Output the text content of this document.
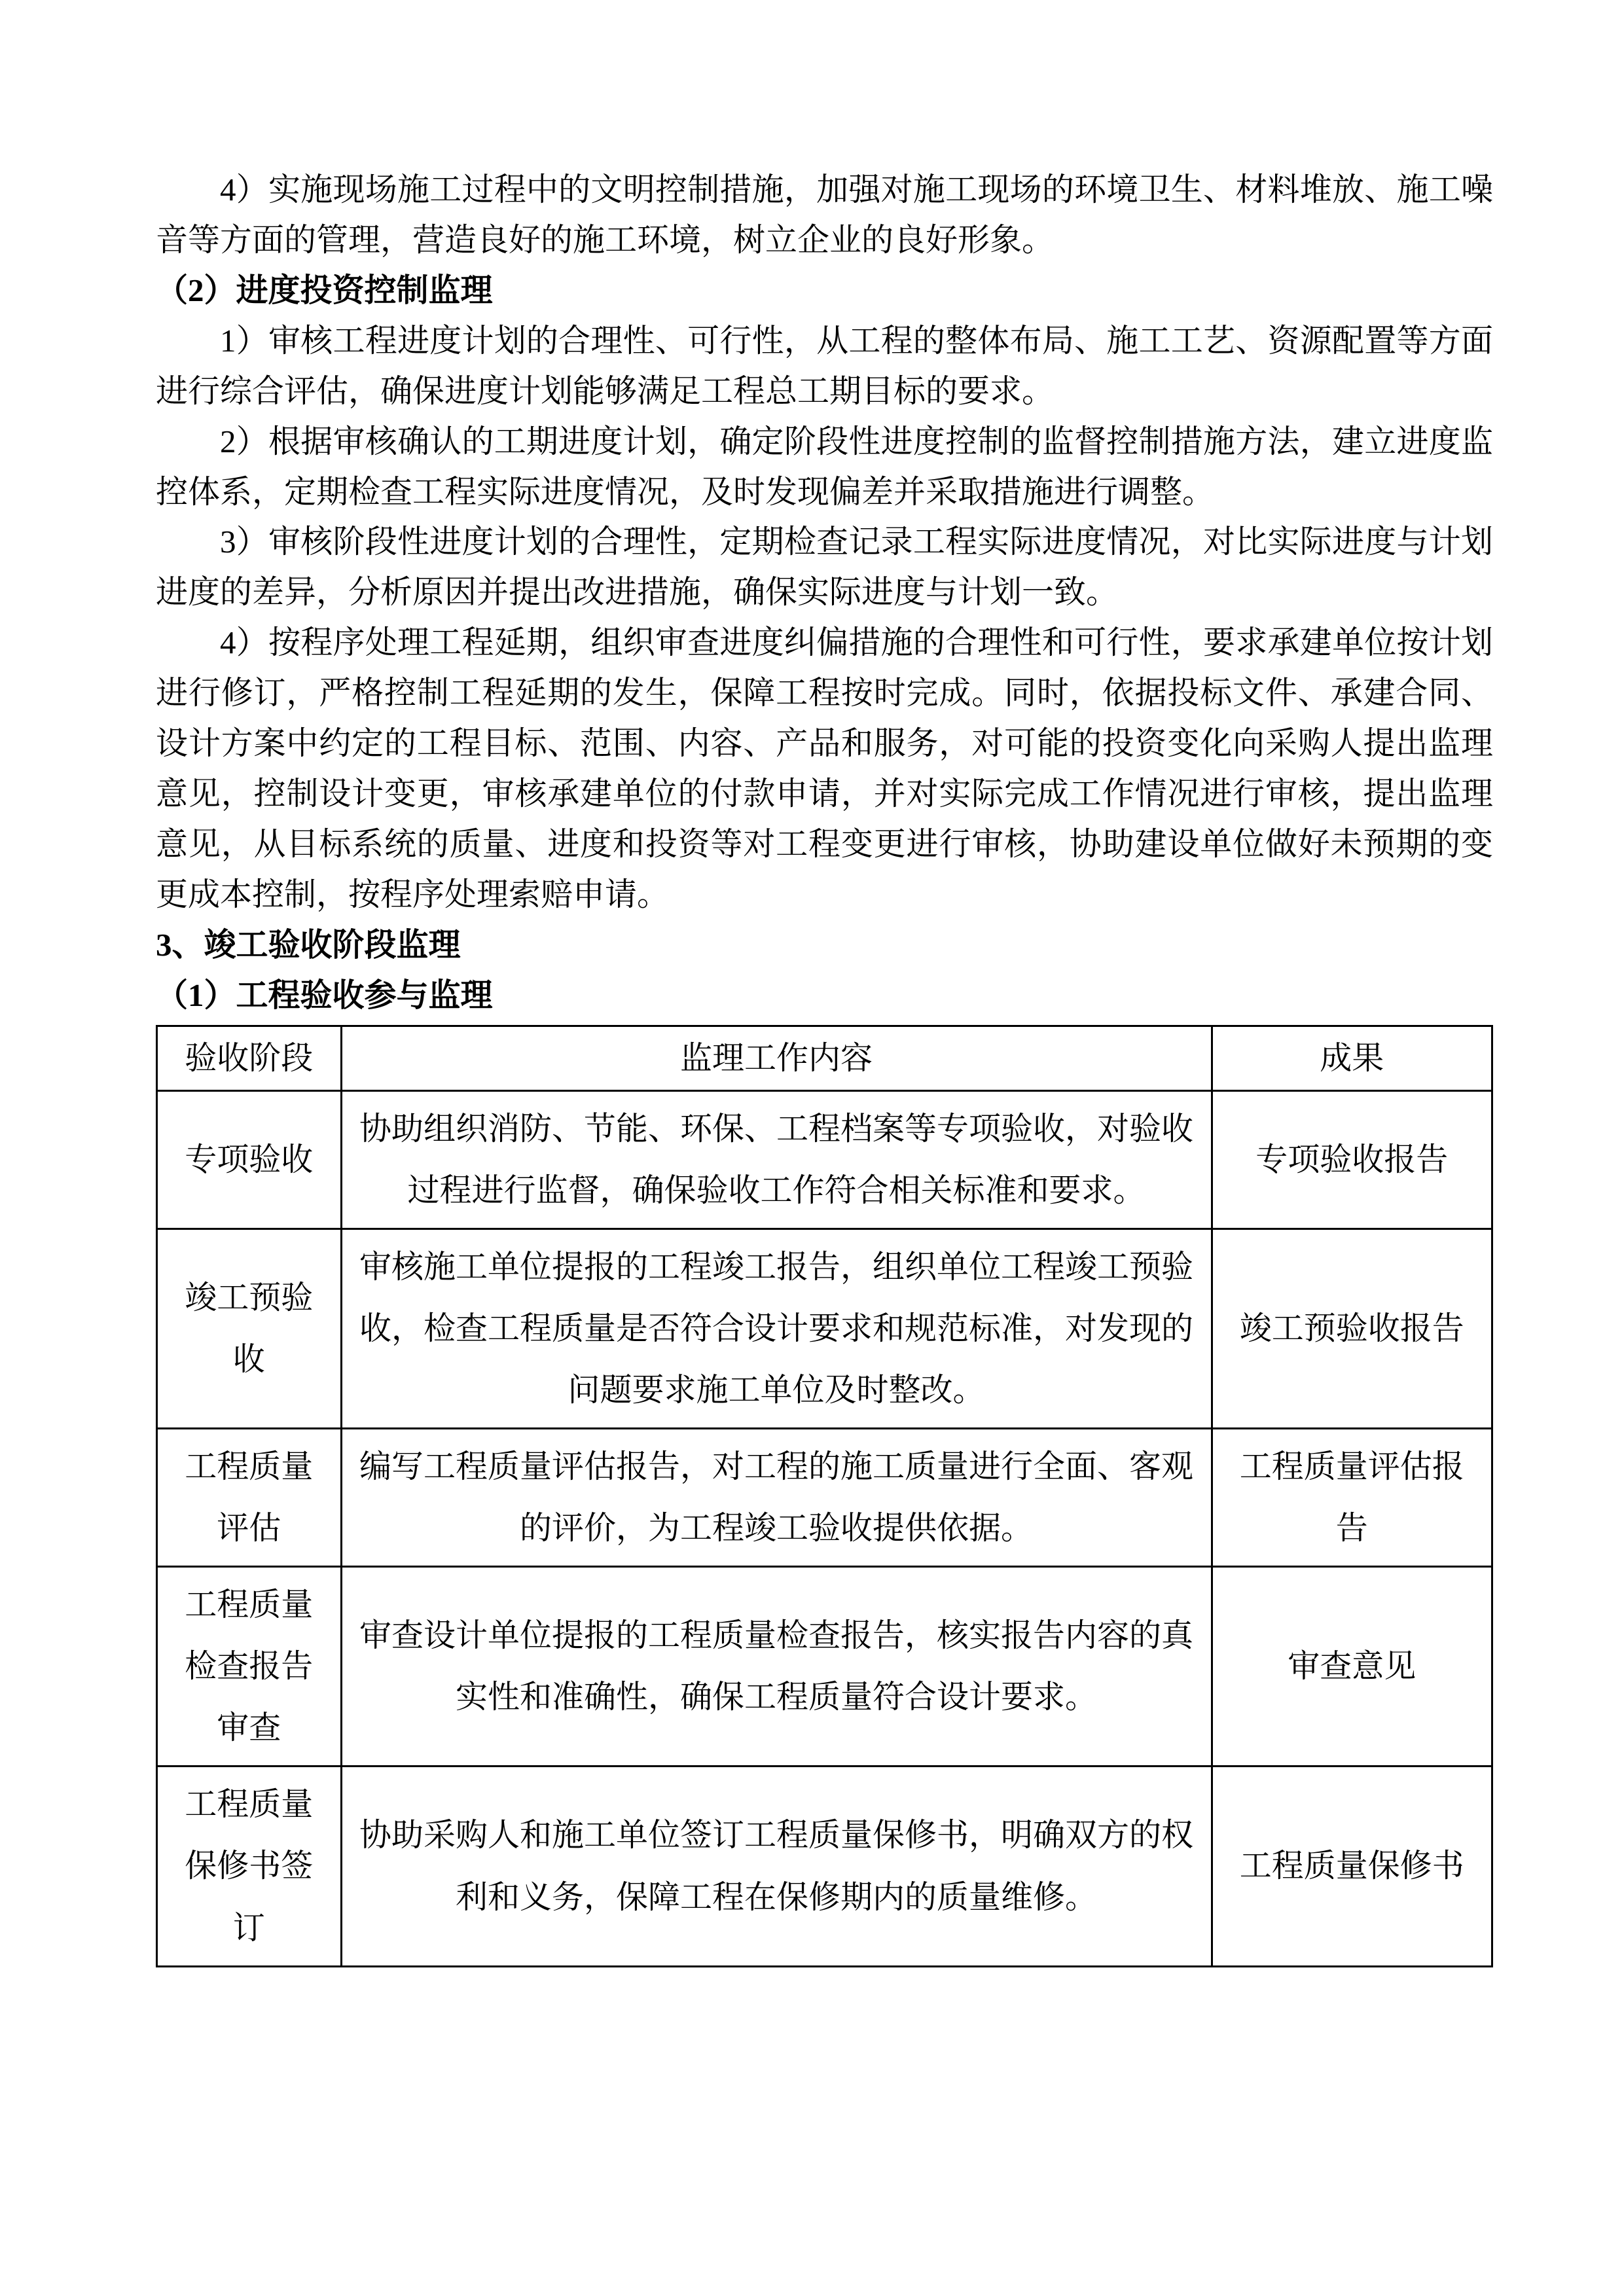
4）实施现场施工过程中的文明控制措施，加强对施工现场的环境卫生、材料堆放、施工噪音等方面的管理，营造良好的施工环境，树立企业的良好形象。

（2）进度投资控制监理

1）审核工程进度计划的合理性、可行性，从工程的整体布局、施工工艺、资源配置等方面进行综合评估，确保进度计划能够满足工程总工期目标的要求。

2）根据审核确认的工期进度计划，确定阶段性进度控制的监督控制措施方法，建立进度监控体系，定期检查工程实际进度情况，及时发现偏差并采取措施进行调整。

3）审核阶段性进度计划的合理性，定期检查记录工程实际进度情况，对比实际进度与计划进度的差异，分析原因并提出改进措施，确保实际进度与计划一致。

4）按程序处理工程延期，组织审查进度纠偏措施的合理性和可行性，要求承建单位按计划进行修订，严格控制工程延期的发生，保障工程按时完成。同时，依据投标文件、承建合同、设计方案中约定的工程目标、范围、内容、产品和服务，对可能的投资变化向采购人提出监理意见，控制设计变更，审核承建单位的付款申请，并对实际完成工作情况进行审核，提出监理意见，从目标系统的质量、进度和投资等对工程变更进行审核，协助建设单位做好未预期的变更成本控制，按程序处理索赔申请。

3、竣工验收阶段监理

（1）工程验收参与监理

验收阶段	监理工作内容	成果
专项验收	协助组织消防、节能、环保、工程档案等专项验收，对验收过程进行监督，确保验收工作符合相关标准和要求。	专项验收报告
竣工预验收	审核施工单位提报的工程竣工报告，组织单位工程竣工预验收，检查工程质量是否符合设计要求和规范标准，对发现的问题要求施工单位及时整改。	竣工预验收报告
工程质量评估	编写工程质量评估报告，对工程的施工质量进行全面、客观的评价，为工程竣工验收提供依据。	工程质量评估报告
工程质量检查报告审查	审查设计单位提报的工程质量检查报告，核实报告内容的真实性和准确性，确保工程质量符合设计要求。	审查意见
工程质量保修书签订	协助采购人和施工单位签订工程质量保修书，明确双方的权利和义务，保障工程在保修期内的质量维修。	工程质量保修书
